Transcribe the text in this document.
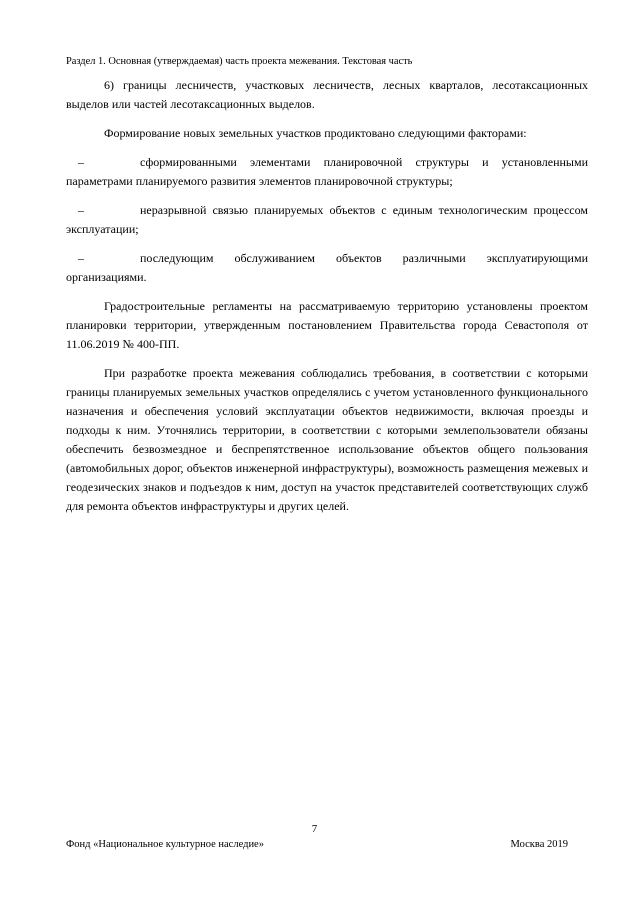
Раздел 1. Основная (утверждаемая) часть проекта межевания. Текстовая часть

6) границы лесничеств, участковых лесничеств, лесных кварталов, лесотаксационных выделов или частей лесотаксационных выделов.

Формирование новых земельных участков продиктовано следующими факторами:

–	сформированными элементами планировочной структуры и установленными параметрами планируемого развития элементов планировочной структуры;

–	неразрывной связью планируемых объектов с единым технологическим процессом эксплуатации;

–	последующим обслуживанием объектов различными эксплуатирующими организациями.

Градостроительные регламенты на рассматриваемую территорию установлены проектом планировки территории, утвержденным постановлением Правительства города Севастополя от 11.06.2019 № 400-ПП.

При разработке проекта межевания соблюдались требования, в соответствии с которыми границы планируемых земельных участков определялись с учетом установленного функционального назначения и обеспечения условий эксплуатации объектов недвижимости, включая проезды и подходы к ним. Уточнялись территории, в соответствии с которыми землепользователи обязаны обеспечить безвозмездное и беспрепятственное использование объектов общего пользования (автомобильных дорог, объектов инженерной инфраструктуры), возможность размещения межевых и геодезических знаков и подъездов к ним, доступ на участок представителей соответствующих служб для ремонта объектов инфраструктуры и других целей.

7
Фонд «Национальное культурное наследие»	Москва 2019
